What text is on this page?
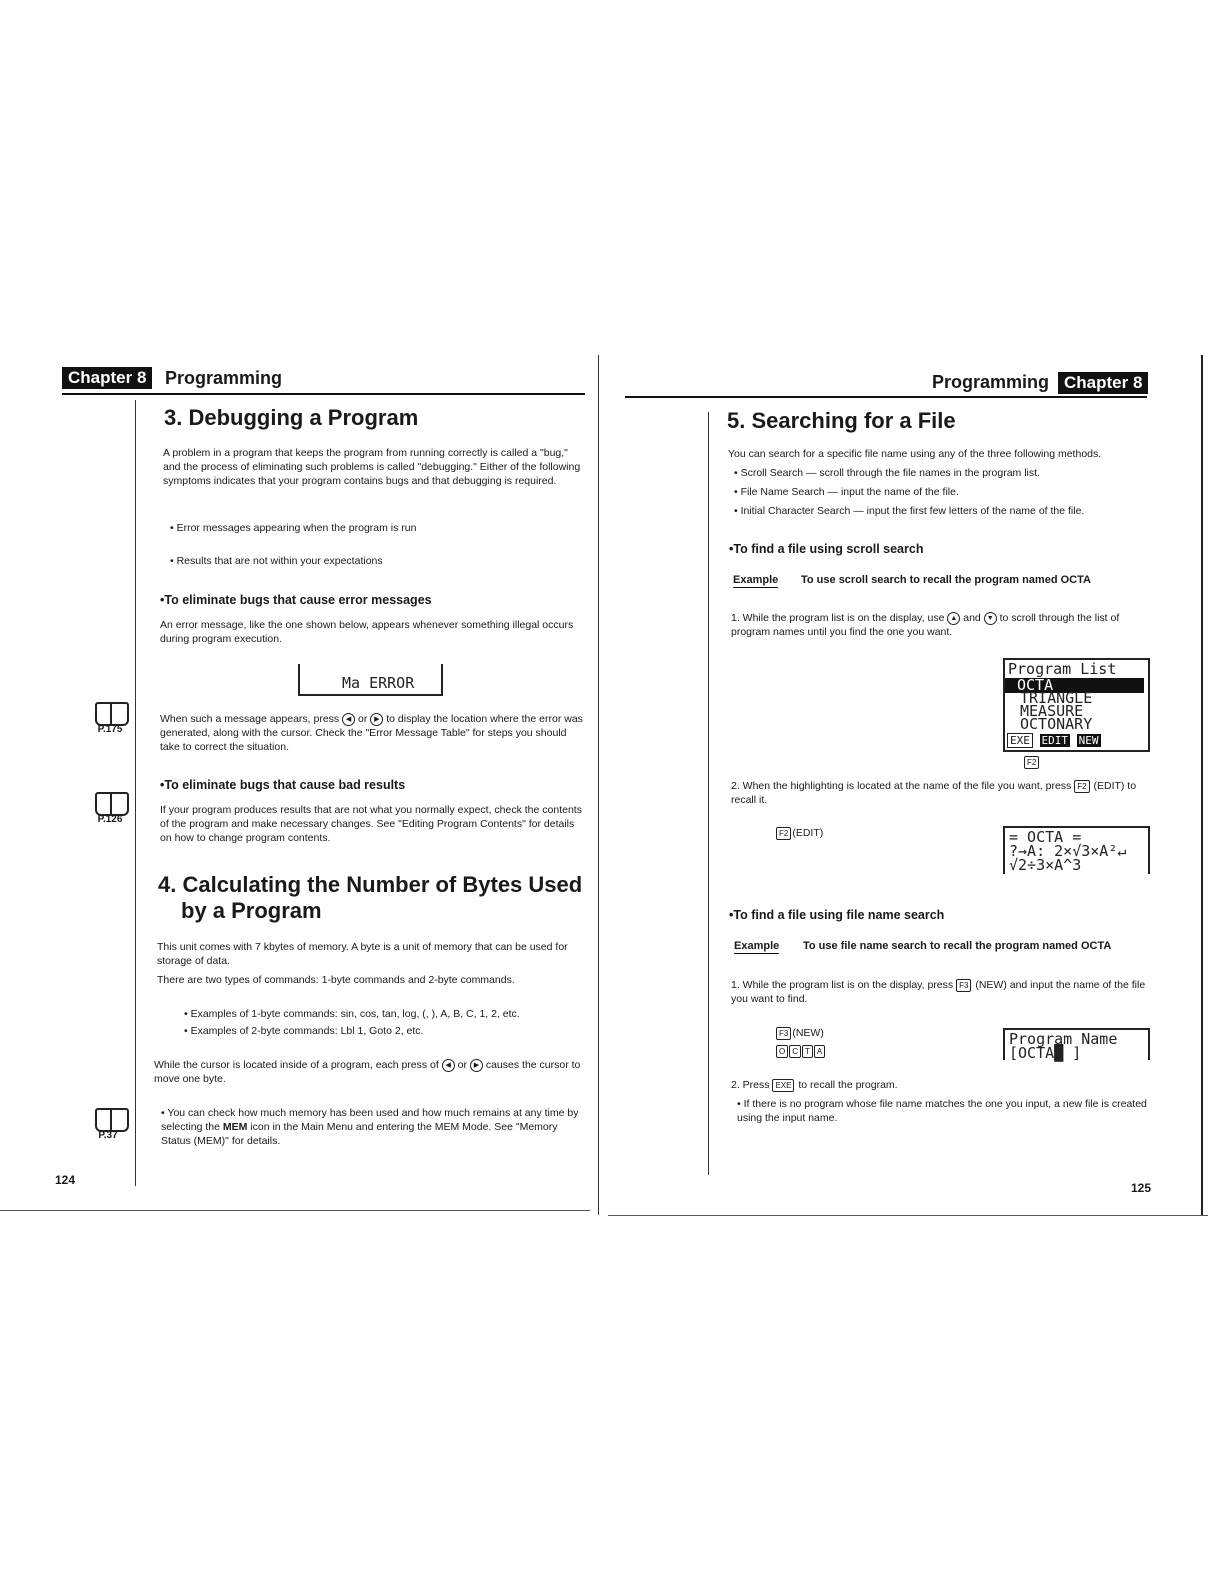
Chapter 8	Programming
3. Debugging a Program
A problem in a program that keeps the program from running correctly is called a "bug," and the process of eliminating such problems is called "debugging." Either of the following symptoms indicates that your program contains bugs and that debugging is required.
• Error messages appearing when the program is run
• Results that are not within your expectations
•To eliminate bugs that cause error messages
An error message, like the one shown below, appears whenever something illegal occurs during program execution.
Ma ERROR
When such a message appears, press ◀ or ▶ to display the location where the error was generated, along with the cursor. Check the "Error Message Table" for steps you should take to correct the situation.
P.175
•To eliminate bugs that cause bad results
If your program produces results that are not what you normally expect, check the contents of the program and make necessary changes. See "Editing Program Contents" for details on how to change program contents.
P.126
4. Calculating the Number of Bytes Used
by a Program
This unit comes with 7 kbytes of memory. A byte is a unit of memory that can be used for storage of data.
There are two types of commands: 1-byte commands and 2-byte commands.
• Examples of 1-byte commands: sin, cos, tan, log, (, ), A, B, C, 1, 2, etc.
• Examples of 2-byte commands: Lbl 1, Goto 2, etc.
While the cursor is located inside of a program, each press of ◀ or ▶ causes the cursor to move one byte.
• You can check how much memory has been used and how much remains at any time by selecting the MEM icon in the Main Menu and entering the MEM Mode. See "Memory Status (MEM)" for details.
P.37
124
Programming Chapter 8
5. Searching for a File
You can search for a specific file name using any of the three following methods.
• Scroll Search — scroll through the file names in the program list.
• File Name Search — input the name of the file.
• Initial Character Search — input the first few letters of the name of the file.
•To find a file using scroll search
Example To use scroll search to recall the program named OCTA
1. While the program list is on the display, use ▲ and ▼ to scroll through the list of program names until you find the one you want.
Program List
OCTA
TRIANGLE
MEASURE
OCTONARY
EXE EDIT NEW
F2
2. When the highlighting is located at the name of the file you want, press F2 (EDIT) to recall it.
F2 (EDIT)	= OCTA =
?→A: 2×√3×A²↵
√2÷3×A^3
•To find a file using file name search
Example To use file name search to recall the program named OCTA
1. While the program list is on the display, press F3 (NEW) and input the name of the file you want to find.
F3 (NEW)
O C T A
Program Name
[OCTA█ ]
2. Press EXE to recall the program.
• If there is no program whose file name matches the one you input, a new file is created using the input name.
125
